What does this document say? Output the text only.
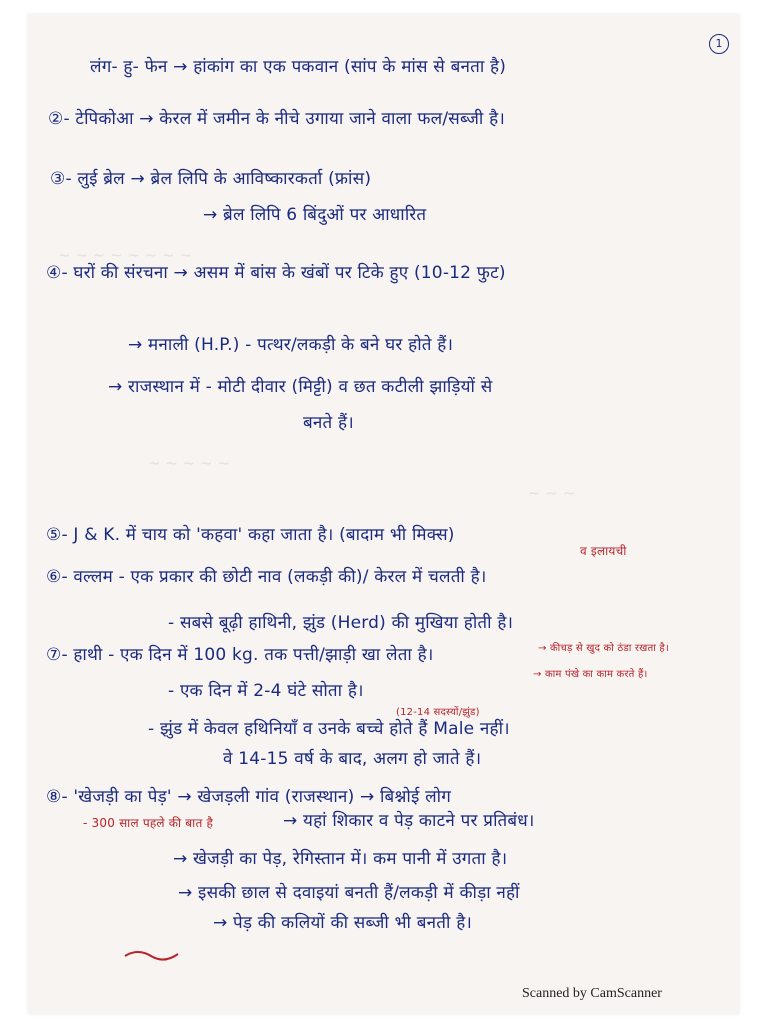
~ ~ ~ ~ ~ ~ ~ ~
~ ~ ~ ~ ~
~ ~ ~
1
लंग- हु- फेन → हांकांग का एक पकवान (सांप के मांस से बनता है)
②- टेपिकोआ → केरल में जमीन के नीचे उगाया जाने वाला फल/सब्जी है।
③- लुई ब्रेल → ब्रेल लिपि के आविष्कारकर्ता (फ्रांस)
→ ब्रेल लिपि 6 बिंदुओं पर आधारित
④- घरों की संरचना → असम में बांस के खंबों पर टिके हुए (10-12 फुट)
→ मनाली (H.P.) - पत्थर/लकड़ी के बने घर होते हैं।
→ राजस्थान में - मोटी दीवार (मिट्टी) व छत कटीली झाड़ियों से
बनते हैं।
⑤- J & K. में चाय को 'कहवा' कहा जाता है। (बादाम भी मिक्स)
व इलायची
⑥- वल्लम - एक प्रकार की छोटी नाव (लकड़ी की)/ केरल में चलती है।
- सबसे बूढ़ी हाथिनी, झुंड (Herd) की मुखिया होती है।
⑦- हाथी - एक दिन में 100 kg. तक पत्ती/झाड़ी खा लेता है।	→ कीचड़ से खुद को ठंडा रखता है।
- एक दिन में 2-4 घंटे सोता है।
→ काम पंखे का काम करते हैं।
(12-14 सदस्यों/झुंड)
- झुंड में केवल हथिनियाँ व उनके बच्चे होते हैं Male नहीं।
वे 14-15 वर्ष के बाद, अलग हो जाते हैं।
⑧- 'खेजड़ी का पेड़' → खेजड़ली गांव (राजस्थान) → बिश्नोई लोग
- 300 साल पहले की बात है	→ यहां शिकार व पेड़ काटने पर प्रतिबंध।
→ खेजड़ी का पेड़, रेगिस्तान में। कम पानी में उगता है।
→ इसकी छाल से दवाइयां बनती हैं/लकड़ी में कीड़ा नहीं
→ पेड़ की कलियों की सब्जी भी बनती है।
Scanned by CamScanner
